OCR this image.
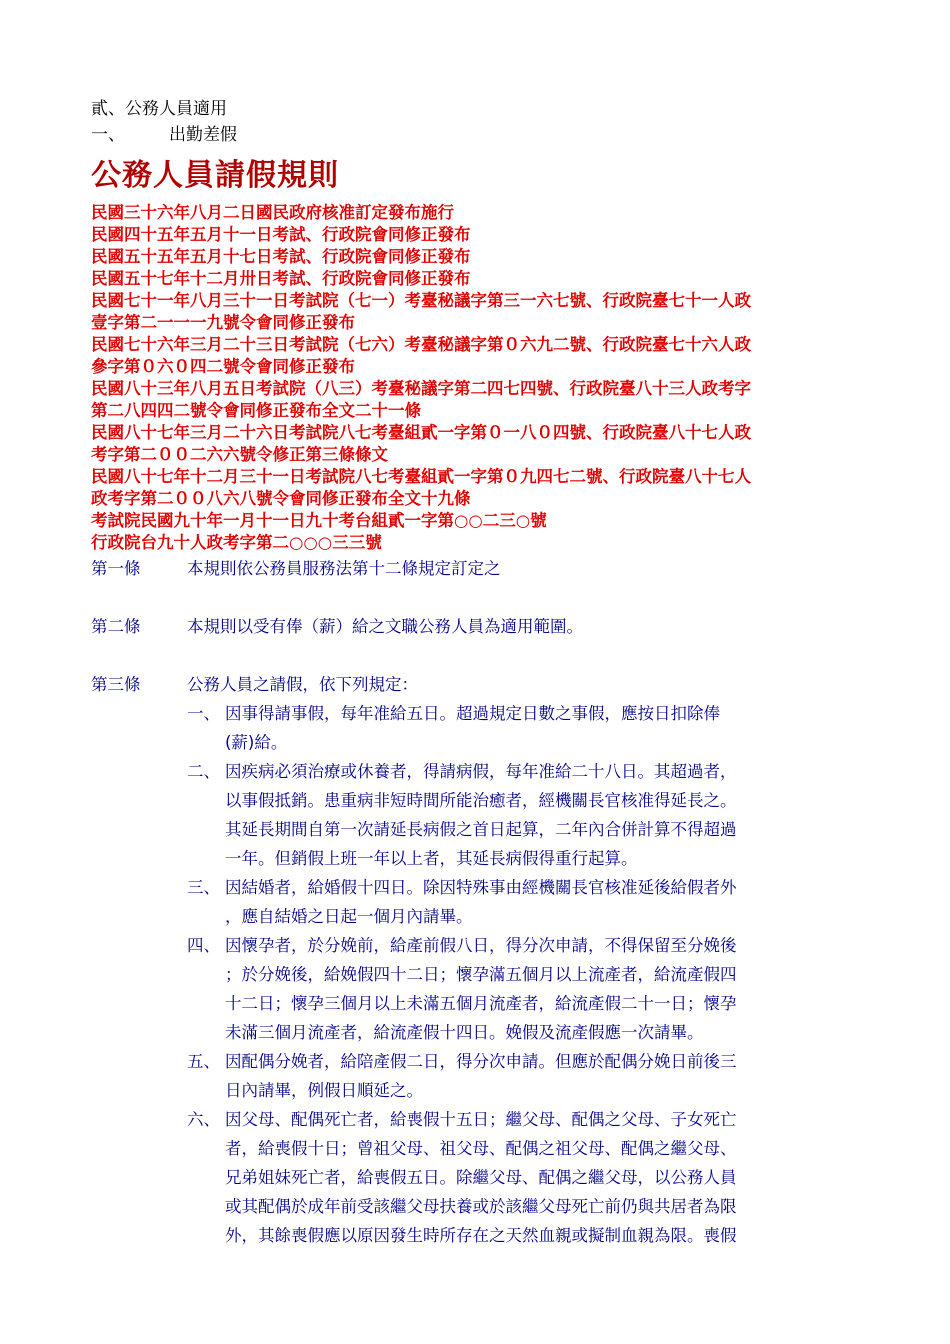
貳、公務人員適用
一、	出勤差假
公務人員請假規則
民國三十六年八月二日國民政府核准訂定發布施行
民國四十五年五月十一日考試、行政院會同修正發布
民國五十五年五月十七日考試、行政院會同修正發布
民國五十七年十二月卅日考試、行政院會同修正發布
民國七十一年八月三十一日考試院（七一）考臺秘議字第三一六七號、行政院臺七十一人政
壹字第二一一一九號令會同修正發布
民國七十六年三月二十三日考試院（七六）考臺秘議字第０六九二號、行政院臺七十六人政
參字第０六０四二號令會同修正發布
民國八十三年八月五日考試院（八三）考臺秘議字第二四七四號、行政院臺八十三人政考字
第二八四四二號令會同修正發布全文二十一條
民國八十七年三月二十六日考試院八七考臺組貳一字第０一八０四號、行政院臺八十七人政
考字第二００二六六號令修正第三條條文
民國八十七年十二月三十一日考試院八七考臺組貳一字第０九四七二號、行政院臺八十七人
政考字第二００八六八號令會同修正發布全文十九條
考試院民國九十年一月十一日九十考台組貳一字第○○二三○號
行政院台九十人政考字第二○○○三三號
第一條	本規則依公務員服務法第十二條規定訂定之
第二條	本規則以受有俸（薪）給之文職公務人員為適用範圍。
第三條	公務人員之請假，依下列規定：
一、 因事得請事假，每年准給五日。超過規定日數之事假，應按日扣除俸
(薪)給。
二、 因疾病必須治療或休養者，得請病假，每年准給二十八日。其超過者，
以事假抵銷。患重病非短時間所能治癒者，經機關長官核准得延長之。
其延長期間自第一次請延長病假之首日起算，二年內合併計算不得超過
一年。但銷假上班一年以上者，其延長病假得重行起算。
三、 因結婚者，給婚假十四日。除因特殊事由經機關長官核准延後給假者外
，應自結婚之日起一個月內請畢。
四、 因懷孕者，於分娩前，給產前假八日，得分次申請，不得保留至分娩後
；於分娩後，給娩假四十二日；懷孕滿五個月以上流產者，給流產假四
十二日；懷孕三個月以上未滿五個月流產者，給流產假二十一日；懷孕
未滿三個月流產者，給流產假十四日。娩假及流產假應一次請畢。
五、 因配偶分娩者，給陪產假二日，得分次申請。但應於配偶分娩日前後三
日內請畢，例假日順延之。
六、 因父母、配偶死亡者，給喪假十五日；繼父母、配偶之父母、子女死亡
者，給喪假十日；曾祖父母、祖父母、配偶之祖父母、配偶之繼父母、
兄弟姐妹死亡者，給喪假五日。除繼父母、配偶之繼父母，以公務人員
或其配偶於成年前受該繼父母扶養或於該繼父母死亡前仍與共居者為限
外，其餘喪假應以原因發生時所存在之天然血親或擬制血親為限。喪假
